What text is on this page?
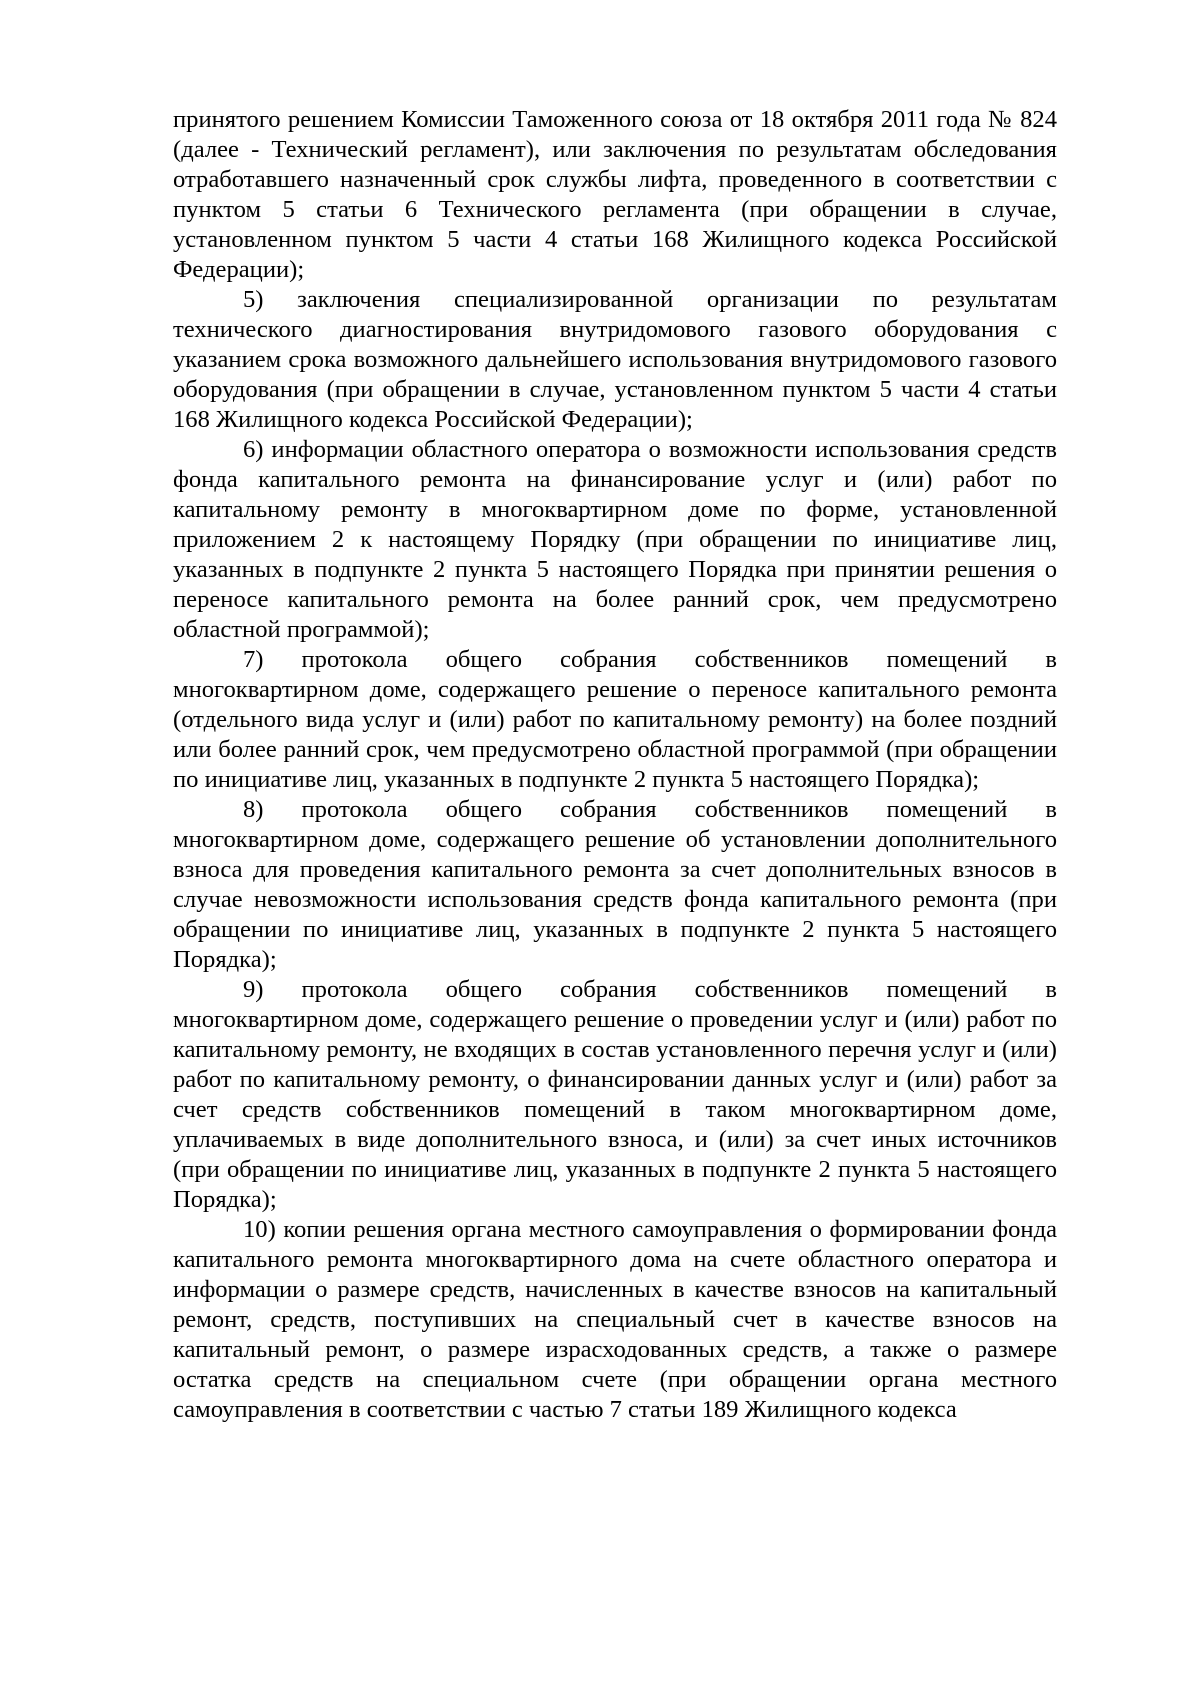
принятого решением Комиссии Таможенного союза от 18 октября 2011 года № 824 (далее - Технический регламент), или заключения по результатам обследования отработавшего назначенный срок службы лифта, проведенного в соответствии с пунктом 5 статьи 6 Технического регламента (при обращении в случае, установленном пунктом 5 части 4 статьи 168 Жилищного кодекса Российской Федерации);

5) заключения специализированной организации по результатам технического диагностирования внутридомового газового оборудования с указанием срока возможного дальнейшего использования внутридомового газового оборудования (при обращении в случае, установленном пунктом 5 части 4 статьи 168 Жилищного кодекса Российской Федерации);

6) информации областного оператора о возможности использования средств фонда капитального ремонта на финансирование услуг и (или) работ по капитальному ремонту в многоквартирном доме по форме, установленной приложением 2 к настоящему Порядку (при обращении по инициативе лиц, указанных в подпункте 2 пункта 5 настоящего Порядка при принятии решения о переносе капитального ремонта на более ранний срок, чем предусмотрено областной программой);

7) протокола общего собрания собственников помещений в многоквартирном доме, содержащего решение о переносе капитального ремонта (отдельного вида услуг и (или) работ по капитальному ремонту) на более поздний или более ранний срок, чем предусмотрено областной программой (при обращении по инициативе лиц, указанных в подпункте 2 пункта 5 настоящего Порядка);

8) протокола общего собрания собственников помещений в многоквартирном доме, содержащего решение об установлении дополнительного взноса для проведения капитального ремонта за счет дополнительных взносов в случае невозможности использования средств фонда капитального ремонта (при обращении по инициативе лиц, указанных в подпункте 2 пункта 5 настоящего Порядка);

9) протокола общего собрания собственников помещений в многоквартирном доме, содержащего решение о проведении услуг и (или) работ по капитальному ремонту, не входящих в состав установленного перечня услуг и (или) работ по капитальному ремонту, о финансировании данных услуг и (или) работ за счет средств собственников помещений в таком многоквартирном доме, уплачиваемых в виде дополнительного взноса, и (или) за счет иных источников (при обращении по инициативе лиц, указанных в подпункте 2 пункта 5 настоящего Порядка);

10) копии решения органа местного самоуправления о формировании фонда капитального ремонта многоквартирного дома на счете областного оператора и информации о размере средств, начисленных в качестве взносов на капитальный ремонт, средств, поступивших на специальный счет в качестве взносов на капитальный ремонт, о размере израсходованных средств, а также о размере остатка средств на специальном счете (при обращении органа местного самоуправления в соответствии с частью 7 статьи 189 Жилищного кодекса
